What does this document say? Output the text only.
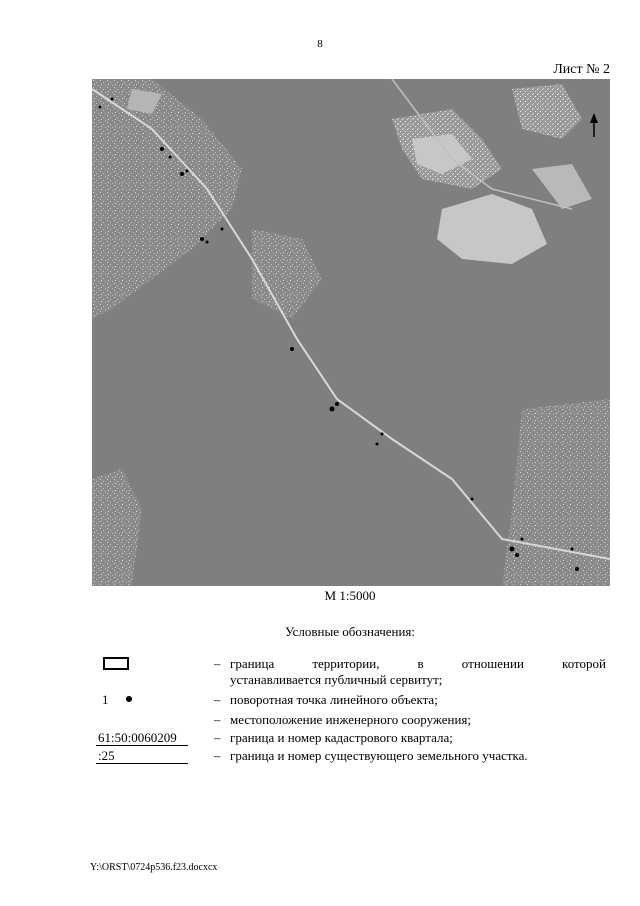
8
Лист № 2
М 1:5000
Условные обозначения:
– граница территории, в отношении которой
устанавливается публичный сервитут;
1	– поворотная точка линейного объекта;
– местоположение инженерного сооружения;
61:50:0060209	– граница и номер кадастрового квартала;
:25	– граница и номер существующего земельного участка.
Y:\ORST\0724p536.f23.docxcx
